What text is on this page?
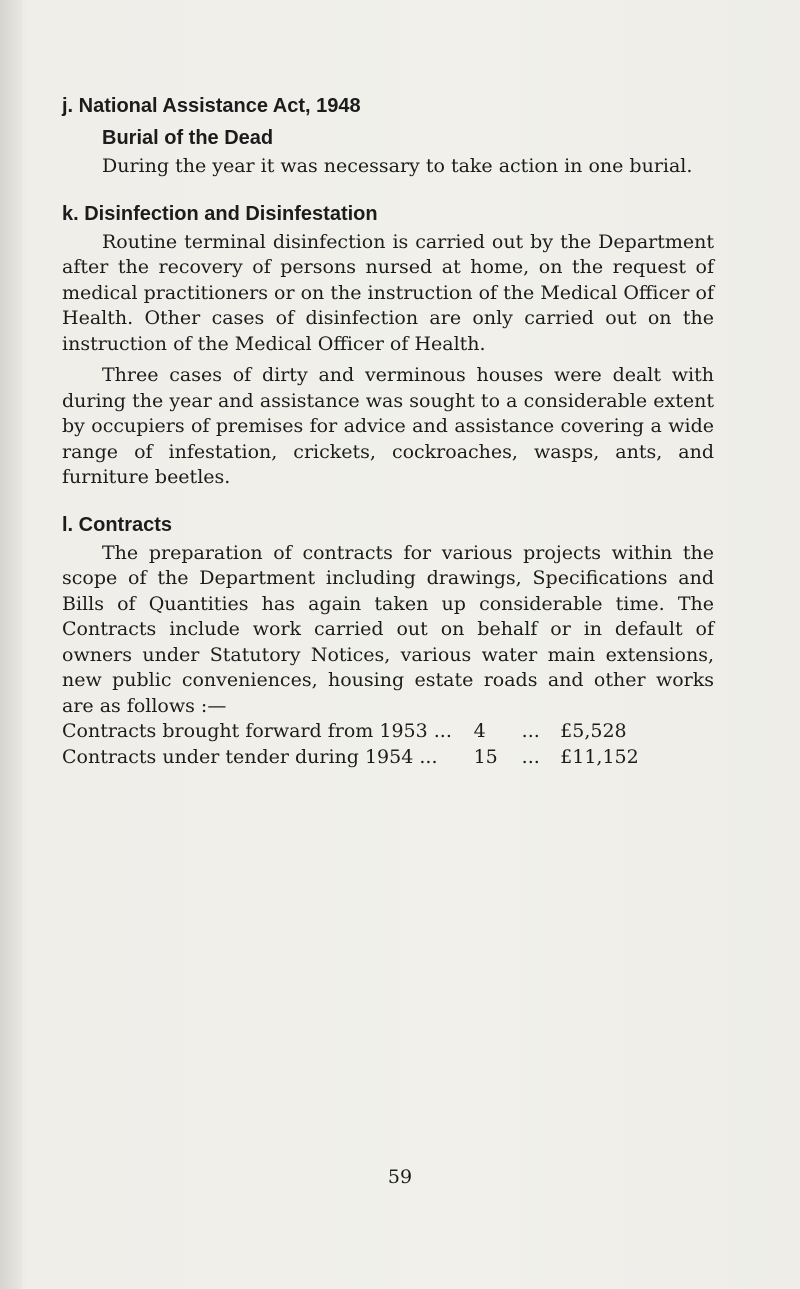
j. National Assistance Act, 1948
Burial of the Dead

During the year it was necessary to take action in one burial.

k. Disinfection and Disinfestation

Routine terminal disinfection is carried out by the Department after the recovery of persons nursed at home, on the request of medical practitioners or on the instruction of the Medical Officer of Health. Other cases of disinfection are only carried out on the instruction of the Medical Officer of Health.

Three cases of dirty and verminous houses were dealt with during the year and assistance was sought to a considerable extent by occupiers of premises for advice and assistance covering a wide range of infestation, crickets, cockroaches, wasps, ants, and furniture beetles.

l. Contracts

The preparation of contracts for various projects within the scope of the Department including drawings, Specifications and Bills of Quantities has again taken up considerable time. The Contracts include work carried out on behalf or in default of owners under Statutory Notices, various water main extensions, new public conveniences, housing estate roads and other works are as follows :—

Contracts brought forward from 1953 ...	4	...	£5,528
Contracts under tender during 1954 ...	15	...	£11,152
59
